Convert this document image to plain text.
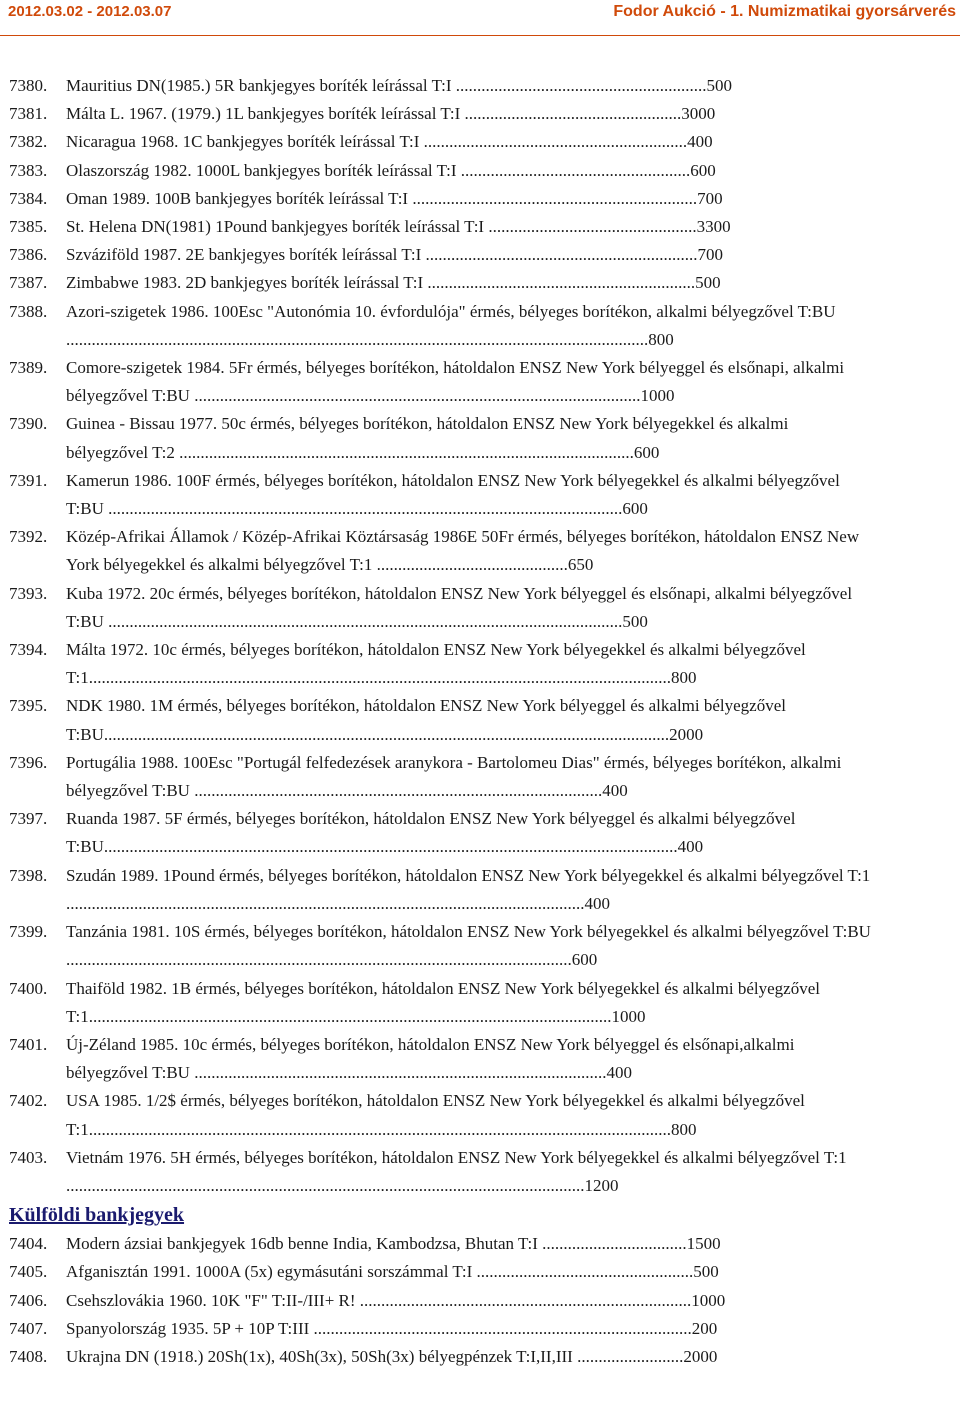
2012.03.02 - 2012.03.07	Fodor Aukció - 1. Numizmatikai gyorsárverés
7380.	Mauritius DN(1985.) 5R bankjegyes boríték leírással T:I ...........................................................500
7381.	Málta L. 1967. (1979.) 1L bankjegyes boríték leírással T:I ...................................................3000
7382.	Nicaragua 1968. 1C bankjegyes boríték leírással T:I ..............................................................400
7383.	Olaszország 1982. 1000L bankjegyes boríték leírással T:I ......................................................600
7384.	Oman 1989. 100B bankjegyes boríték leírással T:I ...................................................................700
7385.	St. Helena DN(1981) 1Pound bankjegyes boríték leírással T:I .................................................3300
7386.	Szváziföld 1987. 2E bankjegyes boríték leírással T:I ................................................................700
7387.	Zimbabwe 1983. 2D bankjegyes boríték leírással T:I ...............................................................500
7388.	Azori-szigetek 1986. 100Esc "Autonómia 10. évfordulója" érmés, bélyeges borítékon, alkalmi bélyegzővel T:BU .........................................................................................................................................800
7389.	Comore-szigetek 1984. 5Fr érmés, bélyeges borítékon, hátoldalon ENSZ New York bélyeggel és elsőnapi, alkalmi bélyegzővel T:BU .........................................................................................................1000
7390.	Guinea - Bissau 1977. 50c érmés, bélyeges borítékon, hátoldalon ENSZ New York bélyegekkel és alkalmi bélyegzővel T:2 ...........................................................................................................600
7391.	Kamerun 1986. 100F érmés, bélyeges borítékon, hátoldalon ENSZ New York bélyegekkel és alkalmi bélyegzővel T:BU .........................................................................................................................600
7392.	Közép-Afrikai Államok / Közép-Afrikai Köztársaság 1986E 50Fr érmés, bélyeges borítékon, hátoldalon ENSZ New York bélyegekkel és alkalmi bélyegzővel T:1 .............................................650
7393.	Kuba 1972. 20c érmés, bélyeges borítékon, hátoldalon ENSZ New York bélyeggel és elsőnapi, alkalmi bélyegzővel T:BU .........................................................................................................................500
7394.	Málta 1972. 10c érmés, bélyeges borítékon, hátoldalon ENSZ New York bélyegekkel és alkalmi bélyegzővel T:1.........................................................................................................................................800
7395.	NDK 1980. 1M érmés, bélyeges borítékon, hátoldalon ENSZ New York bélyeggel és alkalmi bélyegzővel T:BU.....................................................................................................................................2000
7396.	Portugália 1988. 100Esc "Portugál felfedezések aranykora - Bartolomeu Dias" érmés, bélyeges borítékon, alkalmi bélyegzővel T:BU ................................................................................................400
7397.	Ruanda 1987. 5F érmés, bélyeges borítékon, hátoldalon ENSZ New York bélyeggel és alkalmi bélyegzővel T:BU.......................................................................................................................................400
7398.	Szudán 1989. 1Pound érmés, bélyeges borítékon, hátoldalon ENSZ New York bélyegekkel és alkalmi bélyegzővel T:1 ..........................................................................................................................400
7399.	Tanzánia 1981. 10S érmés, bélyeges borítékon, hátoldalon ENSZ New York bélyegekkel és alkalmi bélyegzővel T:BU .......................................................................................................................600
7400.	Thaiföld 1982. 1B érmés, bélyeges borítékon, hátoldalon ENSZ New York bélyegekkel és alkalmi bélyegzővel T:1...........................................................................................................................1000
7401.	Új-Zéland 1985. 10c érmés, bélyeges borítékon, hátoldalon ENSZ New York bélyeggel és elsőnapi,alkalmi bélyegzővel T:BU .................................................................................................400
7402.	USA 1985. 1/2$ érmés, bélyeges borítékon, hátoldalon ENSZ New York bélyegekkel és alkalmi bélyegzővel T:1.........................................................................................................................................800
7403.	Vietnám 1976. 5H érmés, bélyeges borítékon, hátoldalon ENSZ New York bélyegekkel és alkalmi bélyegzővel T:1 ..........................................................................................................................1200
Külföldi bankjegyek
7404.	Modern ázsiai bankjegyek 16db benne India, Kambodzsa, Bhutan T:I ..................................1500
7405.	Afganisztán 1991. 1000A (5x) egymásutáni sorszámmal T:I ...................................................500
7406.	Csehszlovákia 1960. 10K "F" T:II-/III+ R! ..............................................................................1000
7407.	Spanyolország 1935. 5P + 10P T:III .........................................................................................200
7408.	Ukrajna DN (1918.) 20Sh(1x), 40Sh(3x), 50Sh(3x) bélyegpénzek T:I,II,III .........................2000
